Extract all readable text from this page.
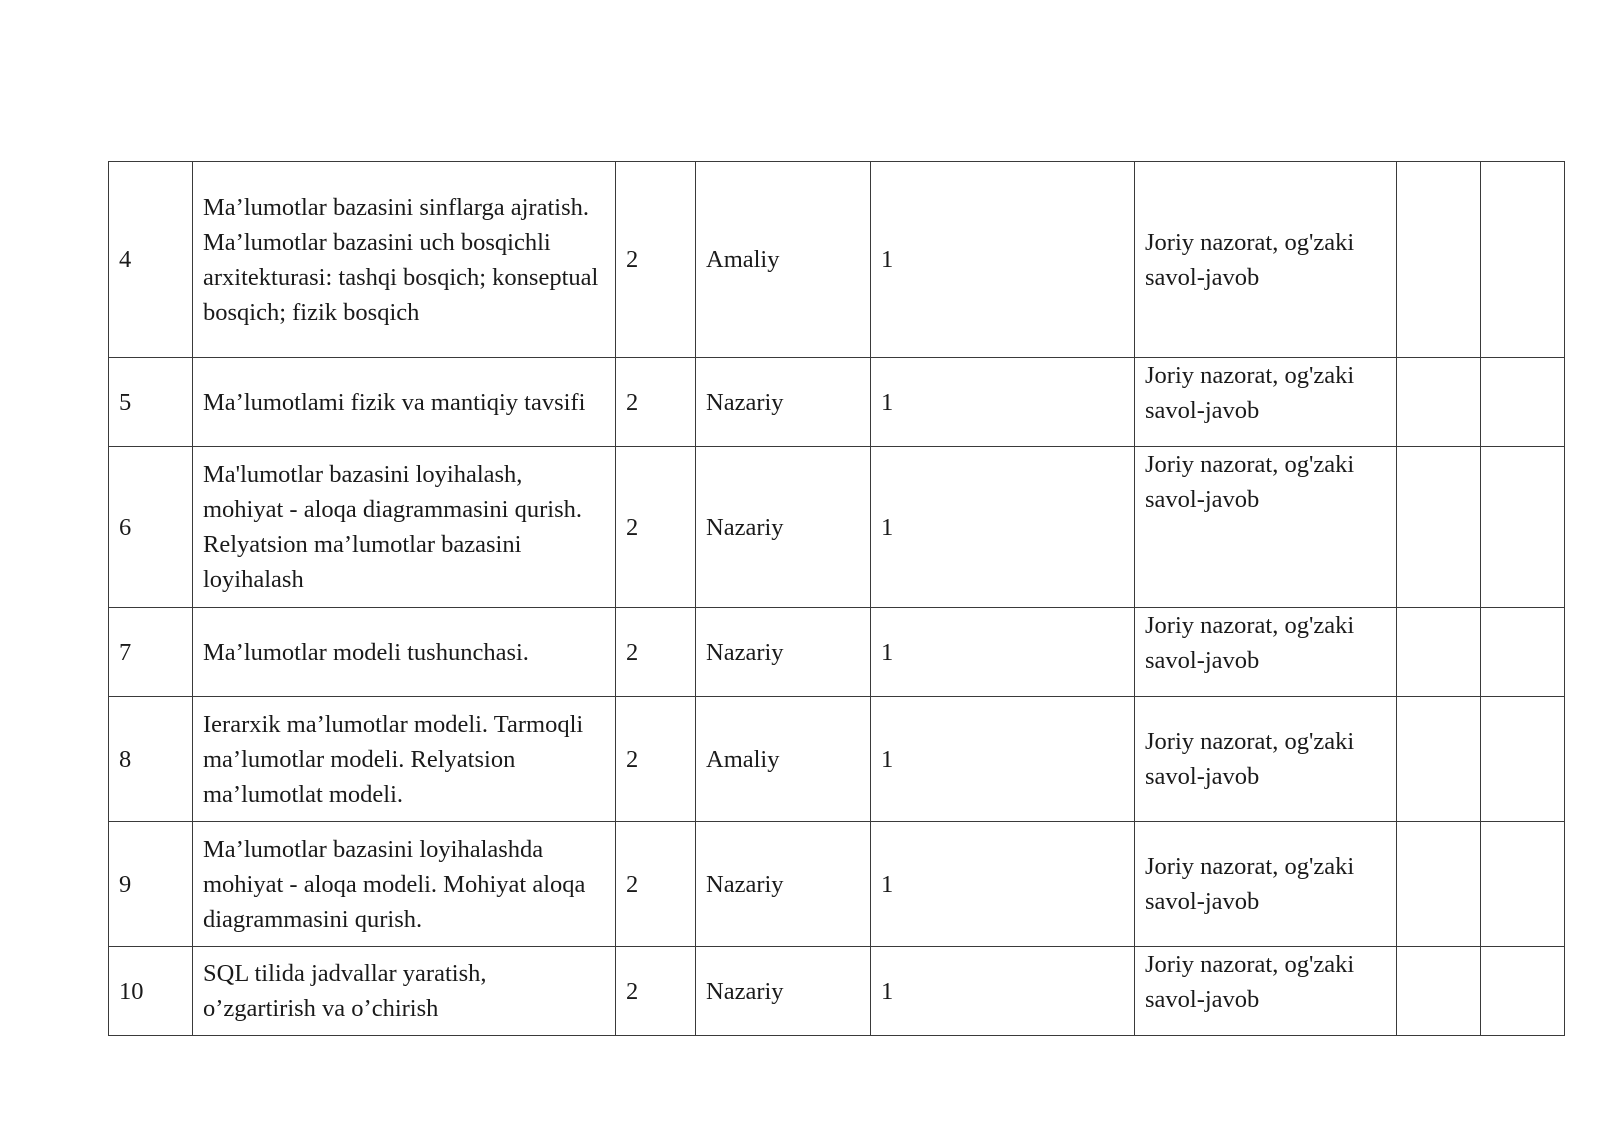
4	Ma’lumotlar bazasini sinflarga ajratish. Ma’lumotlar bazasini uch bosqichli arxitekturasi: tashqi bosqich; konseptual bosqich; fizik bosqich	2	Amaliy	1	Joriy nazorat, og'zaki savol-javob		
5	Ma’lumotlami fizik va mantiqiy tavsifi	2	Nazariy	1	Joriy nazorat, og'zaki savol-javob		
6	Ma'lumotlar bazasini loyihalash, mohiyat - aloqa diagrammasini qurish. Relyatsion ma’lumotlar bazasini loyihalash	2	Nazariy	1	Joriy nazorat, og'zaki savol-javob		
7	Ma’lumotlar modeli tushunchasi.	2	Nazariy	1	Joriy nazorat, og'zaki savol-javob		
8	Ierarxik ma’lumotlar modeli. Tarmoqli ma’lumotlar modeli. Relyatsion ma’lumotlat modeli.	2	Amaliy	1	Joriy nazorat, og'zaki savol-javob		
9	Ma’lumotlar bazasini loyihalashda mohiyat - aloqa modeli. Mohiyat aloqa diagrammasini qurish.	2	Nazariy	1	Joriy nazorat, og'zaki savol-javob		
10	SQL tilida jadvallar yaratish, o’zgartirish va o’chirish	2	Nazariy	1	Joriy nazorat, og'zaki savol-javob		
